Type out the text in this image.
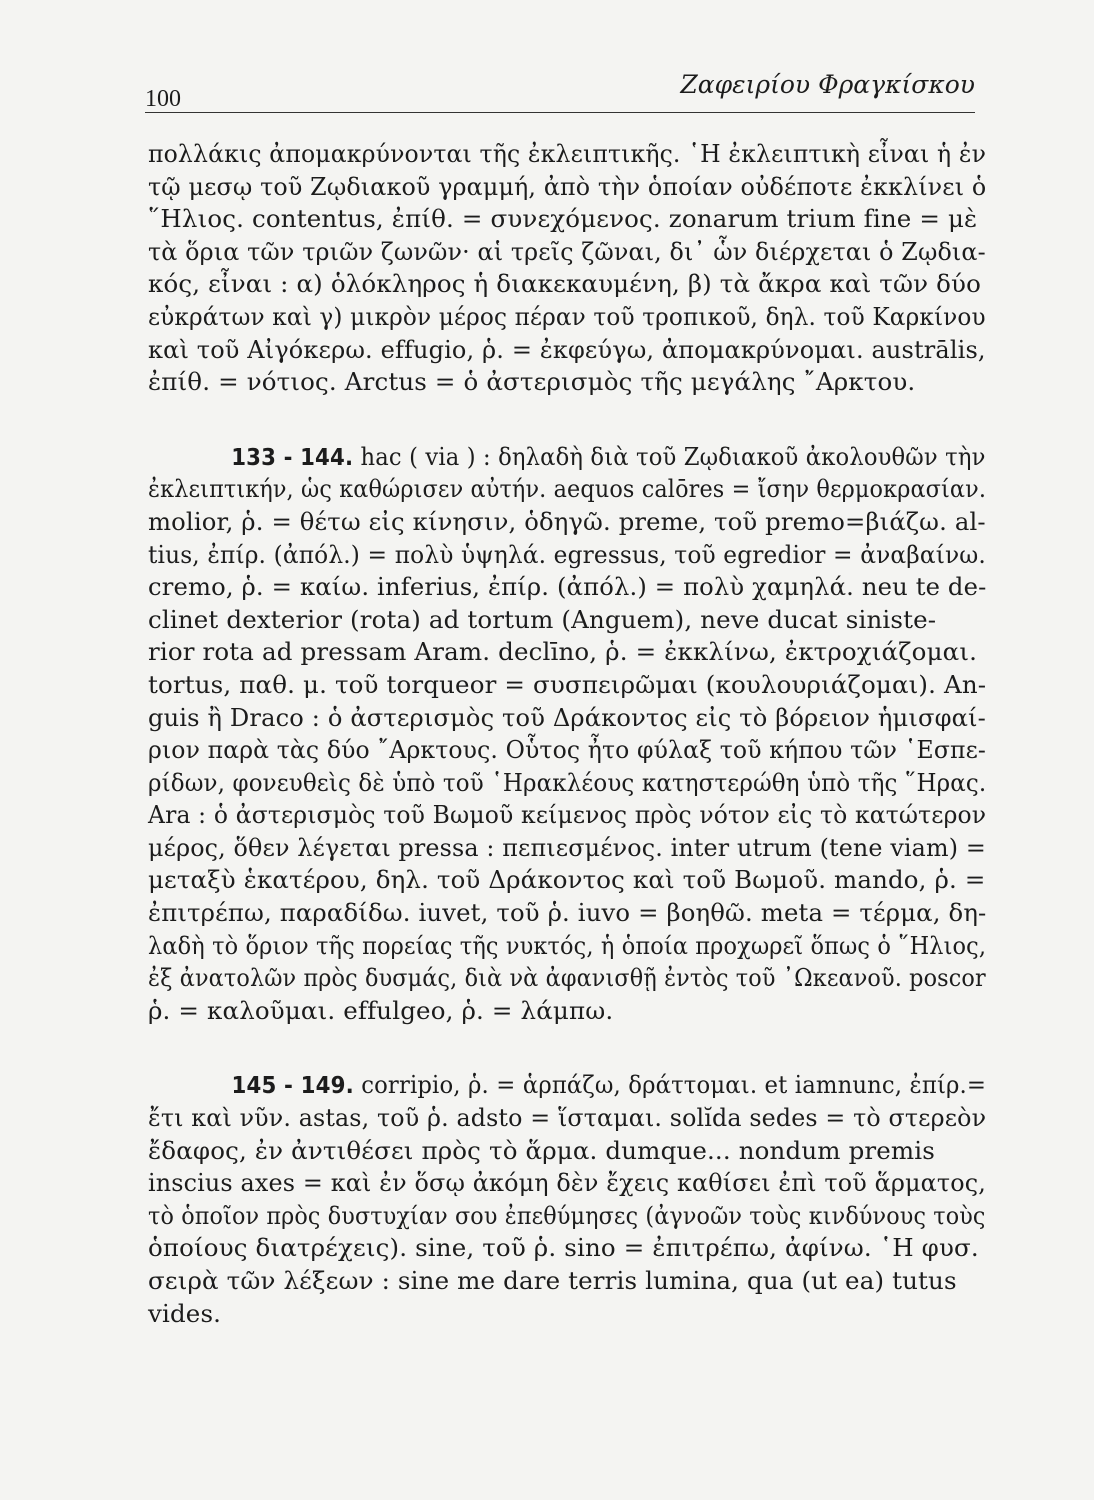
100	Ζαφειρίου Φραγκίσκου
πολλάκις ἀπομακρύνονται τῆς ἐκλειπτικῆς. ῾Η ἐκλειπτικὴ εἶναι ἡ ἐν
τῷ μεσῳ τοῦ Ζῳδιακοῦ γραμμή, ἀπὸ τὴν ὁποίαν οὐδέποτε ἐκκλίνει ὁ
῞Ηλιος. contentus, ἐπίθ. = συνεχόμενος. zonarum trium fine = μὲ
τὰ ὅρια τῶν τριῶν ζωνῶν· αἱ τρεῖς ζῶναι, δι᾽ ὧν διέρχεται ὁ Ζῳδια-
κός, εἶναι : α) ὁλόκληρος ἡ διακεκαυμένη, β) τὰ ἄκρα καὶ τῶν δύο
εὐκράτων καὶ γ) μικρὸν μέρος πέραν τοῦ τροπικοῦ, δηλ. τοῦ Καρκίνου
καὶ τοῦ Αἰγόκερω. effugio, ῥ. = ἐκφεύγω, ἀπομακρύνομαι. austrālis,
ἐπίθ. = νότιος. Arctus = ὁ ἀστερισμὸς τῆς μεγάλης ῎Αρκτου.
133 - 144. hac ( via ) : δηλαδὴ διὰ τοῦ Ζῳδιακοῦ ἀκολουθῶν τὴν
ἐκλειπτικήν, ὡς καθώρισεν αὐτήν. aequos calōres = ἴσην θερμοκρασίαν.
molior, ῥ. = θέτω εἰς κίνησιν, ὁδηγῶ. preme, τοῦ premo=βιάζω. al-
tius, ἐπίρ. (ἀπόλ.) = πολὺ ὑψηλά. egressus, τοῦ egredior = ἀναβαίνω.
cremo, ῥ. = καίω. inferius, ἐπίρ. (ἀπόλ.) = πολὺ χαμηλά. neu te de-
clinet dexterior (rota) ad tortum (Anguem), neve ducat siniste-
rior rota ad pressam Aram. declīno, ῥ. = ἐκκλίνω, ἐκτροχιάζομαι.
tortus, παθ. μ. τοῦ torqueor = συσπειρῶμαι (κουλουριάζομαι). An-
guis ἢ Draco : ὁ ἀστερισμὸς τοῦ Δράκοντος εἰς τὸ βόρειον ἡμισφαί-
ριον παρὰ τὰς δύο ῎Αρκτους. Οὗτος ἦτο φύλαξ τοῦ κήπου τῶν ῾Εσπε-
ρίδων, φονευθεὶς δὲ ὑπὸ τοῦ ῾Ηρακλέους κατηστερώθη ὑπὸ τῆς ῞Ηρας.
Ara : ὁ ἀστερισμὸς τοῦ Βωμοῦ κείμενος πρὸς νότον εἰς τὸ κατώτερον
μέρος, ὅθεν λέγεται pressa : πεπιεσμένος. inter utrum (tene viam) =
μεταξὺ ἑκατέρου, δηλ. τοῦ Δράκοντος καὶ τοῦ Βωμοῦ. mando, ῥ. =
ἐπιτρέπω, παραδίδω. iuvet, τοῦ ῥ. iuvo = βοηθῶ. meta = τέρμα, δη-
λαδὴ τὸ ὅριον τῆς πορείας τῆς νυκτός, ἡ ὁποία προχωρεῖ ὅπως ὁ ῞Ηλιος,
ἐξ ἀνατολῶν πρὸς δυσμάς, διὰ νὰ ἀφανισθῇ ἐντὸς τοῦ ᾿Ωκεανοῦ. poscor
ῥ. = καλοῦμαι. effulgeo, ῥ. = λάμπω.
145 - 149. corripio, ῥ. = ἁρπάζω, δράττομαι. et iamnunc, ἐπίρ.=
ἔτι καὶ νῦν. astas, τοῦ ῥ. adsto = ἵσταμαι. solĭda sedes = τὸ στερεὸν
ἔδαφος, ἐν ἀντιθέσει πρὸς τὸ ἅρμα. dumque... nondum premis
inscius axes = καὶ ἐν ὅσῳ ἀκόμη δὲν ἔχεις καθίσει ἐπὶ τοῦ ἅρματος,
τὸ ὁποῖον πρὸς δυστυχίαν σου ἐπεθύμησες (ἀγνοῶν τοὺς κινδύνους τοὺς
ὁποίους διατρέχεις). sine, τοῦ ῥ. sino = ἐπιτρέπω, ἀφίνω. ῾Η φυσ.
σειρὰ τῶν λέξεων : sine me dare terris lumina, qua (ut ea) tutus
vides.
